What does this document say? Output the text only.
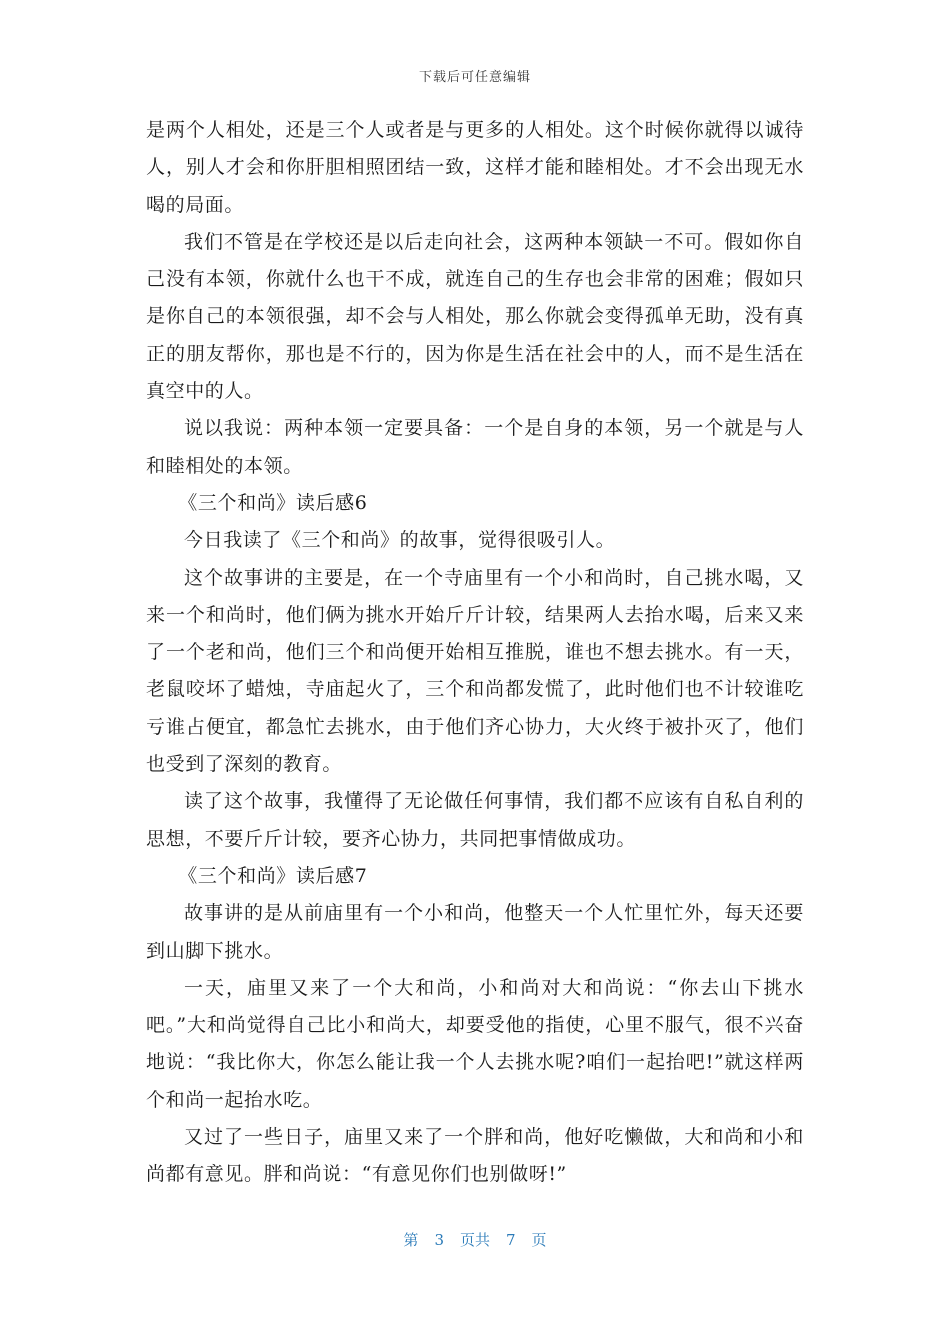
下载后可任意编辑

是两个人相处，还是三个人或者是与更多的人相处。这个时候你就得以诚待人，别人才会和你肝胆相照团结一致，这样才能和睦相处。才不会出现无水喝的局面。

我们不管是在学校还是以后走向社会，这两种本领缺一不可。假如你自己没有本领，你就什么也干不成，就连自己的生存也会非常的困难；假如只是你自己的本领很强，却不会与人相处，那么你就会变得孤单无助，没有真正的朋友帮你，那也是不行的，因为你是生活在社会中的人，而不是生活在真空中的人。

说以我说：两种本领一定要具备：一个是自身的本领，另一个就是与人和睦相处的本领。

《三个和尚》读后感6

今日我读了《三个和尚》的故事，觉得很吸引人。

这个故事讲的主要是，在一个寺庙里有一个小和尚时，自己挑水喝，又来一个和尚时，他们俩为挑水开始斤斤计较，结果两人去抬水喝，后来又来了一个老和尚，他们三个和尚便开始相互推脱，谁也不想去挑水。有一天，老鼠咬坏了蜡烛，寺庙起火了，三个和尚都发慌了，此时他们也不计较谁吃亏谁占便宜，都急忙去挑水，由于他们齐心协力，大火终于被扑灭了，他们也受到了深刻的教育。

读了这个故事，我懂得了无论做任何事情，我们都不应该有自私自利的思想，不要斤斤计较，要齐心协力，共同把事情做成功。

《三个和尚》读后感7

故事讲的是从前庙里有一个小和尚，他整天一个人忙里忙外，每天还要到山脚下挑水。

一天，庙里又来了一个大和尚，小和尚对大和尚说：“你去山下挑水吧。”大和尚觉得自己比小和尚大，却要受他的指使，心里不服气，很不兴奋地说：“我比你大，你怎么能让我一个人去挑水呢?咱们一起抬吧!”就这样两个和尚一起抬水吃。

又过了一些日子，庙里又来了一个胖和尚，他好吃懒做，大和尚和小和尚都有意见。胖和尚说：“有意见你们也别做呀!”

第 3 页共 7 页
